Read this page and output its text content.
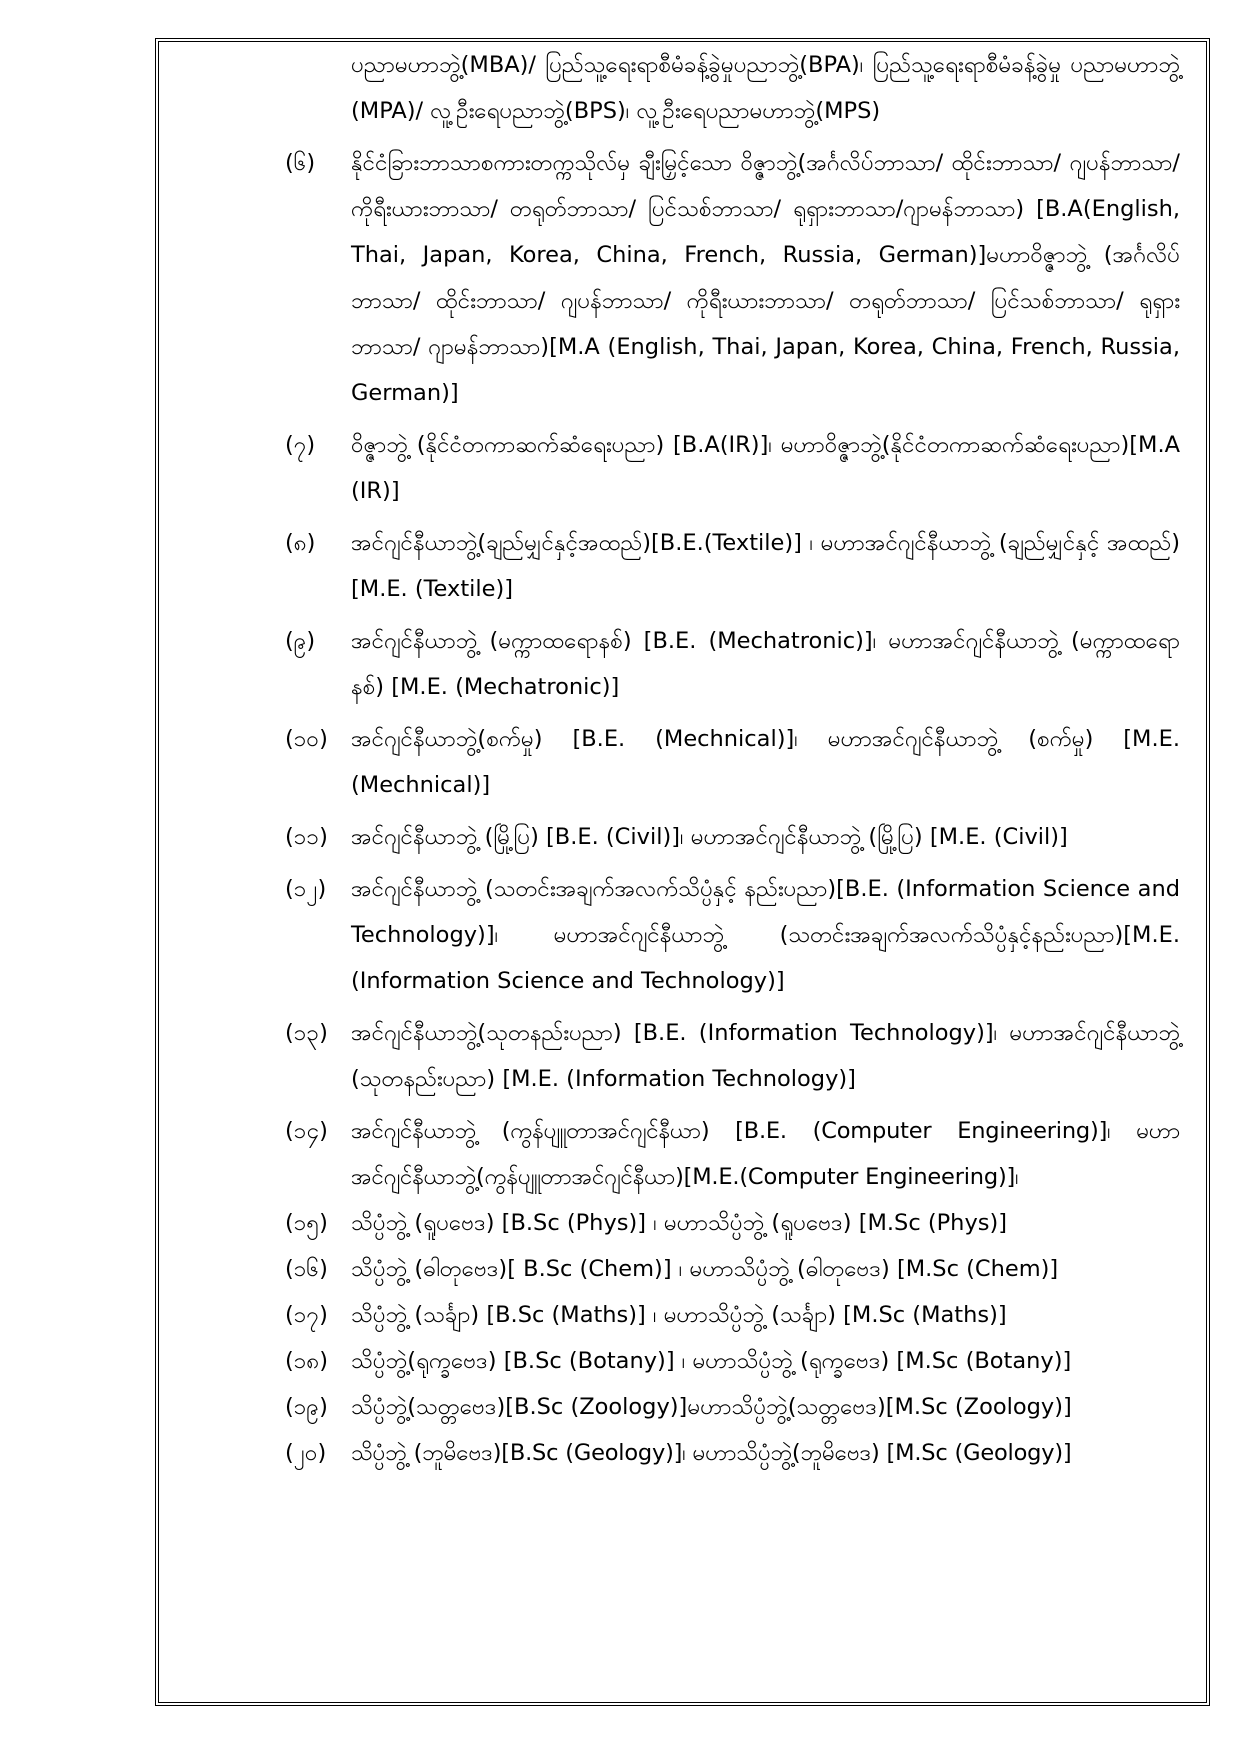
ပညာမဟာဘွဲ့(MBA)/ ပြည်သူ့ရေးရာစီမံခန့်ခွဲမှုပညာဘွဲ့(BPA)၊ ပြည်သူ့ရေးရာစီမံခန့်ခွဲမှု ပညာမဟာဘွဲ့ (MPA)/ လူ့ဦးရေပညာဘွဲ့(BPS)၊ လူ့ဦးရေပညာမဟာဘွဲ့(MPS)
(၆)	နိုင်ငံခြားဘာသာစကားတက္ကသိုလ်မှ ချီးမြှင့်သော ဝိဇ္ဇာဘွဲ့(အင်္ဂလိပ်ဘာသာ/ ထိုင်းဘာသာ/ ဂျပန်ဘာသာ/ ကိုရီးယားဘာသာ/ တရုတ်ဘာသာ/ ပြင်သစ်ဘာသာ/ ရုရှားဘာသာ/ဂျာမန်ဘာသာ) [B.A(English, Thai, Japan, Korea, China, French, Russia, German)]မဟာဝိဇ္ဇာဘွဲ့ (အင်္ဂလိပ်ဘာသာ/ ထိုင်းဘာသာ/ ဂျပန်ဘာသာ/ ကိုရီးယားဘာသာ/ တရုတ်ဘာသာ/ ပြင်သစ်ဘာသာ/ ရုရှားဘာသာ/ ဂျာမန်ဘာသာ)[M.A (English, Thai, Japan, Korea, China, French, Russia, German)]
(၇)	ဝိဇ္ဇာဘွဲ့ (နိုင်ငံတကာဆက်ဆံရေးပညာ) [B.A(IR)]၊ မဟာဝိဇ္ဇာဘွဲ့(နိုင်ငံတကာဆက်ဆံရေးပညာ)[M.A (IR)]
(၈)	အင်ဂျင်နီယာဘွဲ့(ချည်မျှင်နှင့်အထည်)[B.E.(Textile)] ၊ မဟာအင်ဂျင်နီယာဘွဲ့ (ချည်မျှင်နှင့် အထည်) [M.E. (Textile)]
(၉)	အင်ဂျင်နီယာဘွဲ့ (မက္ကာထရောနစ်) [B.E. (Mechatronic)]၊ မဟာအင်ဂျင်နီယာဘွဲ့ (မက္ကာထရောနစ်) [M.E. (Mechatronic)]
(၁၀)	အင်ဂျင်နီယာဘွဲ့(စက်မှု) [B.E. (Mechnical)]၊ မဟာအင်ဂျင်နီယာဘွဲ့ (စက်မှု) [M.E.(Mechnical)]
(၁၁)	အင်ဂျင်နီယာဘွဲ့ (မြို့ပြ) [B.E. (Civil)]၊ မဟာအင်ဂျင်နီယာဘွဲ့ (မြို့ပြ) [M.E. (Civil)]
(၁၂)	အင်ဂျင်နီယာဘွဲ့ (သတင်းအချက်အလက်သိပ္ပံနှင့် နည်းပညာ)[B.E. (Information Science and Technology)]၊ မဟာအင်ဂျင်နီယာဘွဲ့ (သတင်းအချက်အလက်သိပ္ပံနှင့်နည်းပညာ)[M.E. (Information Science and Technology)]
(၁၃)	အင်ဂျင်နီယာဘွဲ့(သုတနည်းပညာ) [B.E. (Information Technology)]၊ မဟာအင်ဂျင်နီယာဘွဲ့ (သုတနည်းပညာ) [M.E. (Information Technology)]
(၁၄)	အင်ဂျင်နီယာဘွဲ့ (ကွန်ပျူတာအင်ဂျင်နီယာ) [B.E. (Computer Engineering)]၊ မဟာအင်ဂျင်နီယာဘွဲ့(ကွန်ပျူတာအင်ဂျင်နီယာ)[M.E.(Computer Engineering)]၊
(၁၅)	သိပ္ပံဘွဲ့ (ရူပဗေဒ) [B.Sc (Phys)] ၊ မဟာသိပ္ပံဘွဲ့ (ရူပဗေဒ) [M.Sc (Phys)]
(၁၆)	သိပ္ပံဘွဲ့ (ဓါတုဗေဒ)[ B.Sc (Chem)] ၊ မဟာသိပ္ပံဘွဲ့ (ဓါတုဗေဒ) [M.Sc (Chem)]
(၁၇)	သိပ္ပံဘွဲ့ (သင်္ချာ) [B.Sc (Maths)] ၊ မဟာသိပ္ပံဘွဲ့ (သင်္ချာ) [M.Sc (Maths)]
(၁၈)	သိပ္ပံဘွဲ့(ရုက္ခဗေဒ) [B.Sc (Botany)] ၊ မဟာသိပ္ပံဘွဲ့ (ရုက္ခဗေဒ) [M.Sc (Botany)]
(၁၉)	သိပ္ပံဘွဲ့(သတ္တဗေဒ)[B.Sc (Zoology)]မဟာသိပ္ပံဘွဲ့(သတ္တဗေဒ)[M.Sc (Zoology)]
(၂၀)	သိပ္ပံဘွဲ့ (ဘူမိဗေဒ)[B.Sc (Geology)]၊ မဟာသိပ္ပံဘွဲ့(ဘူမိဗေဒ) [M.Sc (Geology)]
